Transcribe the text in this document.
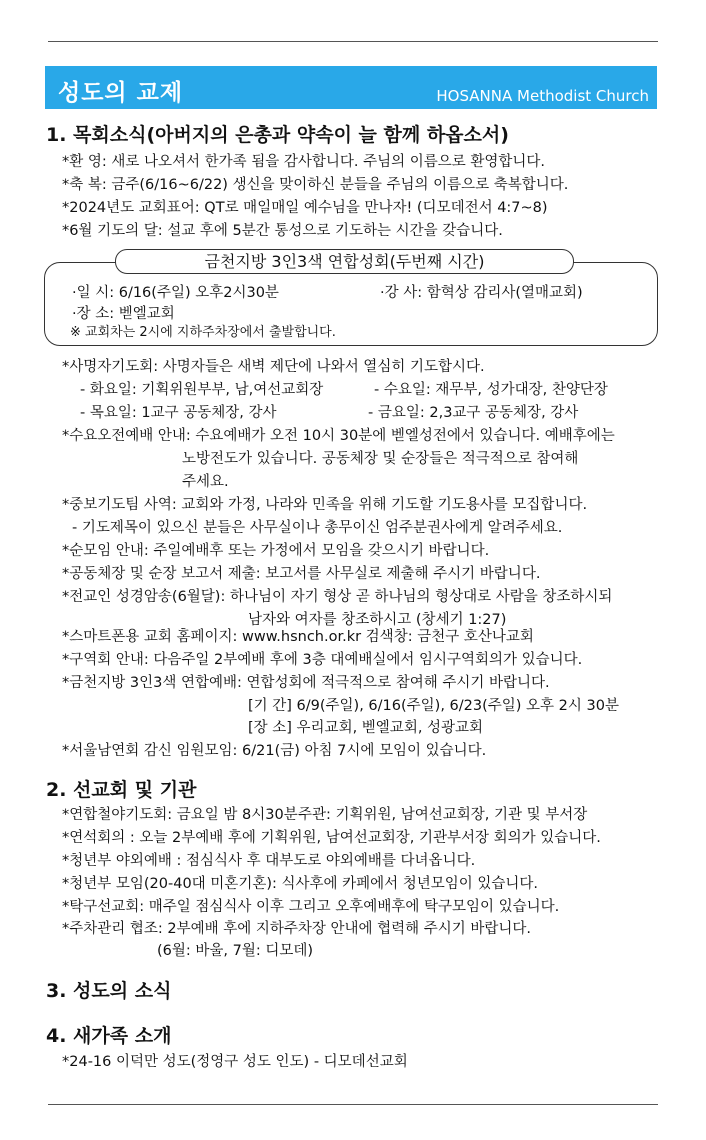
성도의 교제	HOSANNA Methodist Church
1. 목회소식(아버지의 은총과 약속이 늘 함께 하옵소서)
*환 영: 새로 나오셔서 한가족 됨을 감사합니다. 주님의 이름으로 환영합니다.
*축 복: 금주(6/16~6/22) 생신을 맞이하신 분들을 주님의 이름으로 축복합니다.
*2024년도 교회표어: QT로 매일매일 예수님을 만나자! (디모데전서 4:7~8)
*6월 기도의 달: 설교 후에 5분간 통성으로 기도하는 시간을 갖습니다.
금천지방 3인3색 연합성회(두번째 시간)
·일 시: 6/16(주일) 오후2시30분	·강 사: 함혁상 감리사(열매교회)
·장 소: 벧엘교회
※ 교회차는 2시에 지하주차장에서 출발합니다.
*사명자기도회: 사명자들은 새벽 제단에 나와서 열심히 기도합시다.
- 화요일: 기획위원부부, 남,여선교회장	- 수요일: 재무부, 성가대장, 찬양단장
- 목요일: 1교구 공동체장, 강사	- 금요일: 2,3교구 공동체장, 강사
*수요오전예배 안내: 수요예배가 오전 10시 30분에 벧엘성전에서 있습니다. 예배후에는
노방전도가 있습니다. 공동체장 및 순장들은 적극적으로 참여해
주세요.
*중보기도팀 사역: 교회와 가정, 나라와 민족을 위해 기도할 기도용사를 모집합니다.
- 기도제목이 있으신 분들은 사무실이나 총무이신 엄주분권사에게 알려주세요.
*순모임 안내: 주일예배후 또는 가정에서 모임을 갖으시기 바랍니다.
*공동체장 및 순장 보고서 제출: 보고서를 사무실로 제출해 주시기 바랍니다.
*전교인 성경암송(6월달): 하나님이 자기 형상 곧 하나님의 형상대로 사람을 창조하시되
남자와 여자를 창조하시고 (창세기 1:27)
*스마트폰용 교회 홈페이지: www.hsnch.or.kr 검색창: 금천구 호산나교회
*구역회 안내: 다음주일 2부예배 후에 3층 대예배실에서 임시구역회의가 있습니다.
*금천지방 3인3색 연합예배: 연합성회에 적극적으로 참여해 주시기 바랍니다.
[기 간] 6/9(주일), 6/16(주일), 6/23(주일) 오후 2시 30분
[장 소] 우리교회, 벧엘교회, 성광교회
*서울남연회 감신 임원모임: 6/21(금) 아침 7시에 모임이 있습니다.
2. 선교회 및 기관
*연합철야기도회: 금요일 밤 8시30분 주관: 기획위원, 남여선교회장, 기관 및 부서장
*연석회의 : 오늘 2부예배 후에 기획위원, 남여선교회장, 기관부서장 회의가 있습니다.
*청년부 야외예배 : 점심식사 후 대부도로 야외예배를 다녀옵니다.
*청년부 모임(20-40대 미혼기혼): 식사후에 카페에서 청년모임이 있습니다.
*탁구선교회: 매주일 점심식사 이후 그리고 오후예배후에 탁구모임이 있습니다.
*주차관리 협조: 2부예배 후에 지하주차장 안내에 협력해 주시기 바랍니다.
(6월: 바울, 7월: 디모데)
3. 성도의 소식
4. 새가족 소개
*24-16 이덕만 성도(정영구 성도 인도) - 디모데선교회
